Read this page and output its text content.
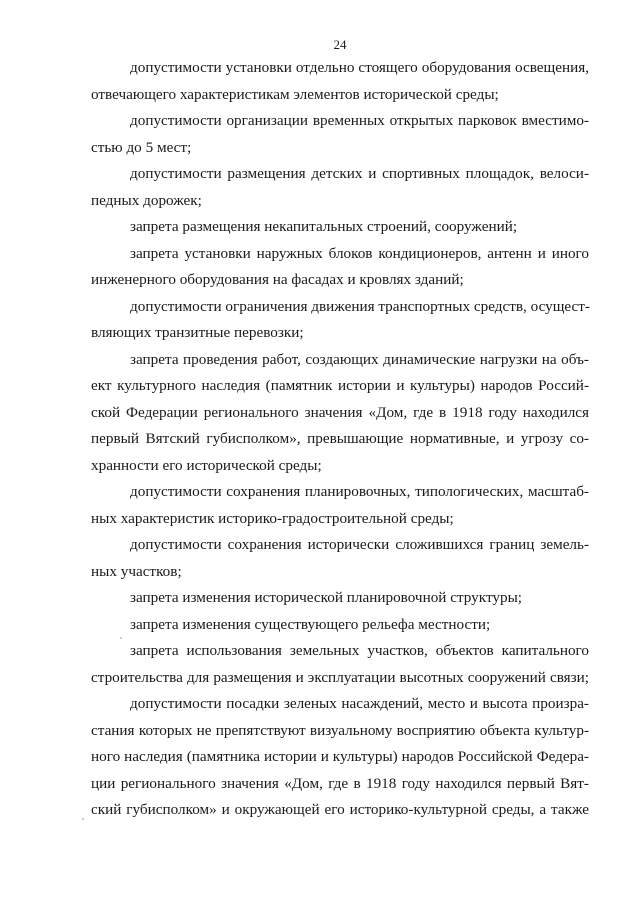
24
допустимости установки отдельно стоящего оборудования освещения,
отвечающего характеристикам элементов исторической среды;
допустимости организации временных открытых парковок вместимо-
стью до 5 мест;
допустимости размещения детских и спортивных площадок, велоси-
педных дорожек;
запрета размещения некапитальных строений, сооружений;
запрета установки наружных блоков кондиционеров, антенн и иного
инженерного оборудования на фасадах и кровлях зданий;
допустимости ограничения движения транспортных средств, осущест-
вляющих транзитные перевозки;
запрета проведения работ, создающих динамические нагрузки на объ-
ект культурного наследия (памятник истории и культуры) народов Россий-
ской Федерации регионального значения «Дом, где в 1918 году находился
первый Вятский губисполком», превышающие нормативные, и угрозу со-
хранности его исторической среды;
допустимости сохранения планировочных, типологических, масштаб-
ных характеристик историко-градостроительной среды;
допустимости сохранения исторически сложившихся границ земель-
ных участков;
запрета изменения исторической планировочной структуры;
запрета изменения существующего рельефа местности;
запрета использования земельных участков, объектов капитального
строительства для размещения и эксплуатации высотных сооружений связи;
допустимости посадки зеленых насаждений, место и высота произра-
стания которых не препятствуют визуальному восприятию объекта культур-
ного наследия (памятника истории и культуры) народов Российской Федера-
ции регионального значения «Дом, где в 1918 году находился первый Вят-
ский губисполком» и окружающей его историко-культурной среды, а также
